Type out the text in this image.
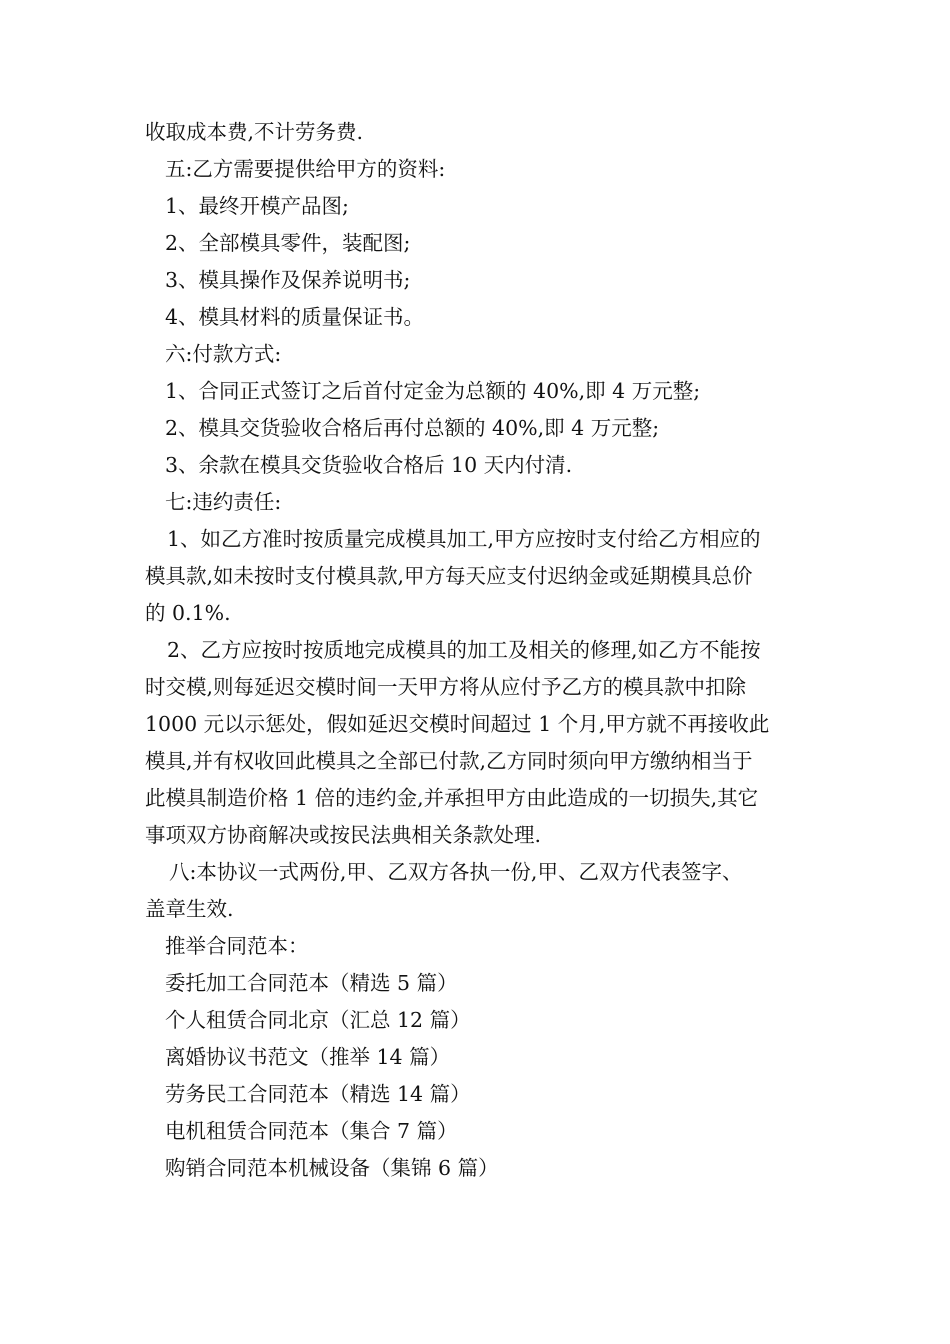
收取成本费,不计劳务费.
五:乙方需要提供给甲方的资料:
1、最终开模产品图;
2、全部模具零件，装配图;
3、模具操作及保养说明书;
4、模具材料的质量保证书。
六:付款方式:
1、合同正式签订之后首付定金为总额的 40%,即 4 万元整;
2、模具交货验收合格后再付总额的 40%,即 4 万元整;
3、余款在模具交货验收合格后 10 天内付清.
七:违约责任:
1、如乙方准时按质量完成模具加工,甲方应按时支付给乙方相应的
模具款,如未按时支付模具款,甲方每天应支付迟纳金或延期模具总价
的 0.1%.
2、乙方应按时按质地完成模具的加工及相关的修理,如乙方不能按
时交模,则每延迟交模时间一天甲方将从应付予乙方的模具款中扣除
1000 元以示惩处，假如延迟交模时间超过 1 个月,甲方就不再接收此
模具,并有权收回此模具之全部已付款,乙方同时须向甲方缴纳相当于
此模具制造价格 1 倍的违约金,并承担甲方由此造成的一切损失,其它
事项双方协商解决或按民法典相关条款处理.
八:本协议一式两份,甲、乙双方各执一份,甲、乙双方代表签字、
盖章生效.
推举合同范本：
委托加工合同范本（精选 5 篇）
个人租赁合同北京（汇总 12 篇）
离婚协议书范文（推举 14 篇）
劳务民工合同范本（精选 14 篇）
电机租赁合同范本（集合 7 篇）
购销合同范本机械设备（集锦 6 篇）
